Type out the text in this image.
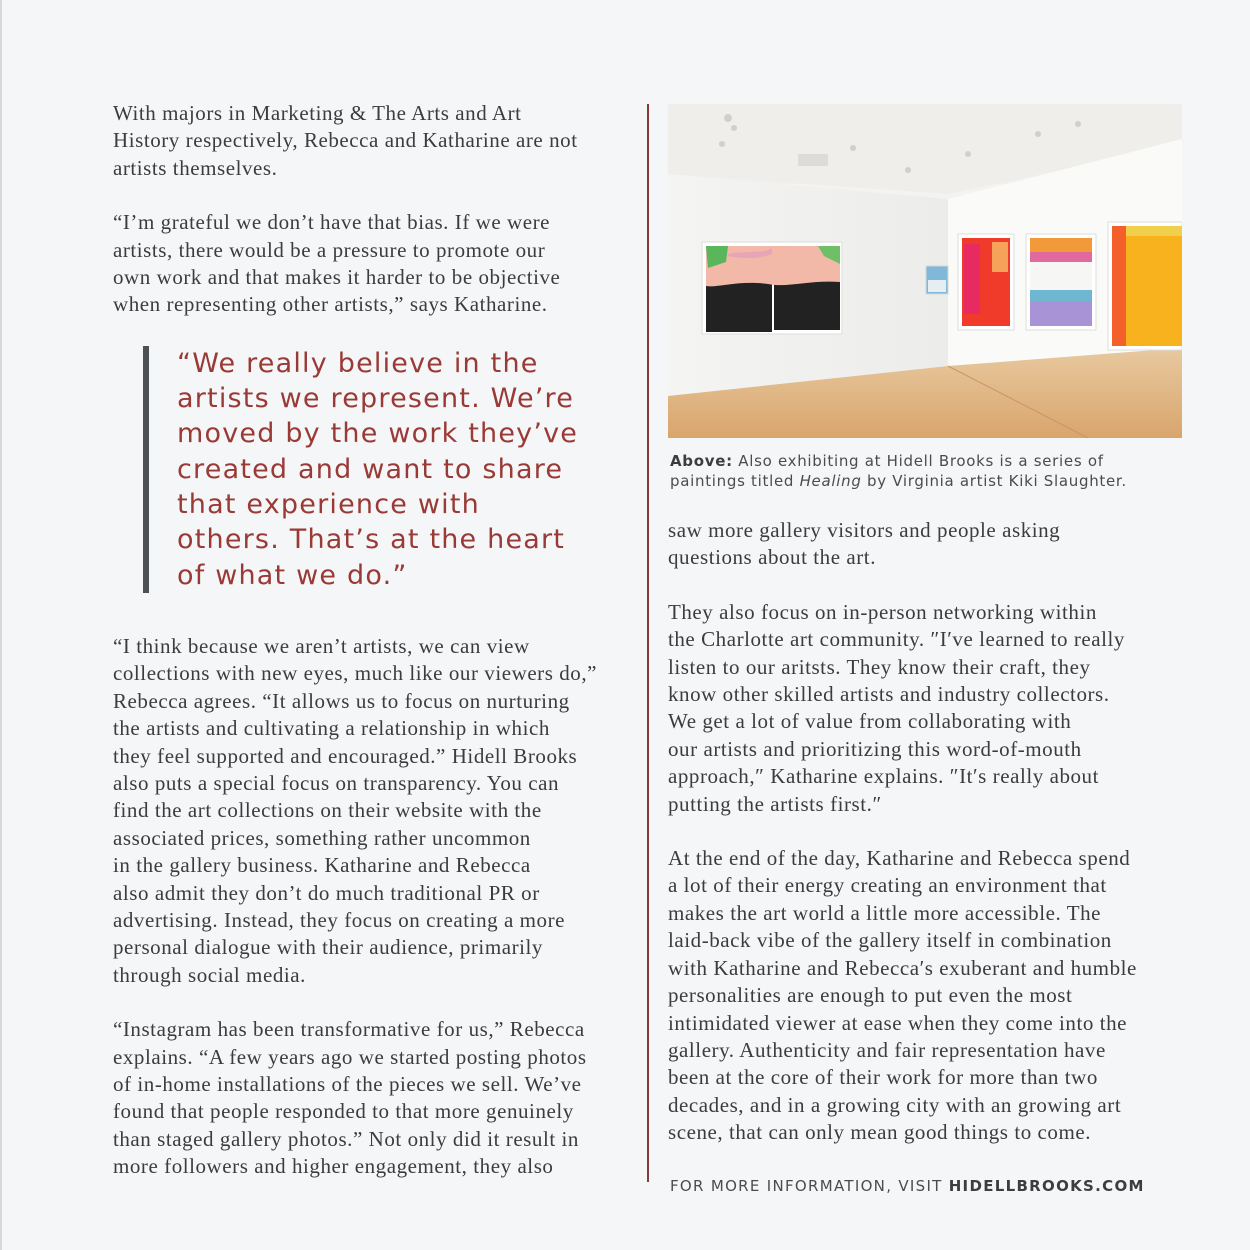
With majors in Marketing & The Arts and Art
History respectively, Rebecca and Katharine are not
artists themselves.

“I’m grateful we don’t have that bias. If we were
artists, there would be a pressure to promote our
own work and that makes it harder to be objective
when representing other artists,” says Katharine.

“We really believe in the
artists we represent. We’re
moved by the work they’ve
created and want to share
that experience with
others. That’s at the heart
of what we do.”

“I think because we aren’t artists, we can view
collections with new eyes, much like our viewers do,”
Rebecca agrees. “It allows us to focus on nurturing
the artists and cultivating a relationship in which
they feel supported and encouraged.” Hidell Brooks
also puts a special focus on transparency. You can
find the art collections on their website with the
associated prices, something rather uncommon
in the gallery business. Katharine and Rebecca
also admit they don’t do much traditional PR or
advertising. Instead, they focus on creating a more
personal dialogue with their audience, primarily
through social media.

“Instagram has been transformative for us,” Rebecca
explains. “A few years ago we started posting photos
of in-home installations of the pieces we sell. We’ve
found that people responded to that more genuinely
than staged gallery photos.” Not only did it result in
more followers and higher engagement, they also

Above: Also exhibiting at Hidell Brooks is a series of paintings titled Healing by Virginia artist Kiki Slaughter.

saw more gallery visitors and people asking
questions about the art.

They also focus on in-person networking within
the Charlotte art community. ″I′ve learned to really
listen to our aritsts. They know their craft, they
know other skilled artists and industry collectors.
We get a lot of value from collaborating with
our artists and prioritizing this word-of-mouth
approach,″ Katharine explains. ″It′s really about
putting the artists first.″

At the end of the day, Katharine and Rebecca spend
a lot of their energy creating an environment that
makes the art world a little more accessible. The
laid-back vibe of the gallery itself in combination
with Katharine and Rebecca′s exuberant and humble
personalities are enough to put even the most
intimidated viewer at ease when they come into the
gallery. Authenticity and fair representation have
been at the core of their work for more than two
decades, and in a growing city with an growing art
scene, that can only mean good things to come.

FOR MORE INFORMATION, VISIT HIDELLBROOKS.COM
